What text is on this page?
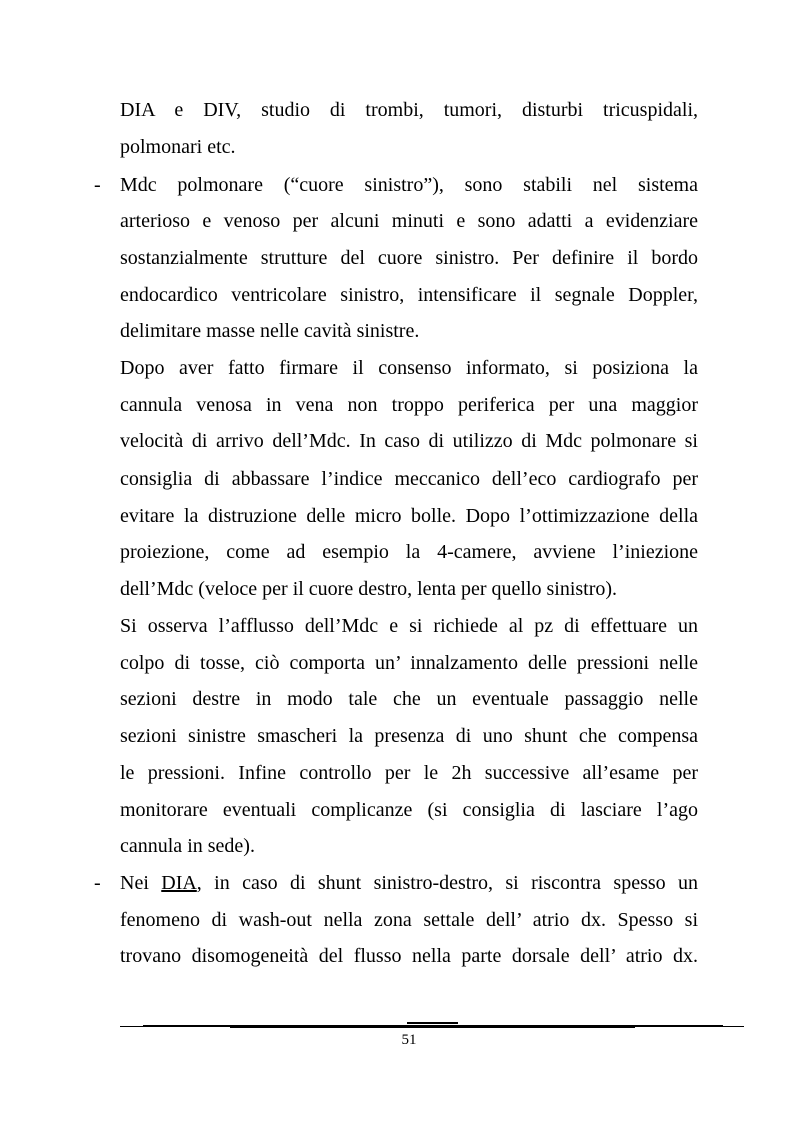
DIA e DIV, studio di trombi, tumori, disturbi tricuspidali,

polmonari etc.

- Mdc polmonare (“cuore sinistro”), sono stabili nel sistema

arterioso e venoso per alcuni minuti e sono adatti a evidenziare

sostanzialmente strutture del cuore sinistro. Per definire il bordo

endocardico ventricolare sinistro, intensificare il segnale Doppler,

delimitare masse nelle cavità sinistre.

Dopo aver fatto firmare il consenso informato, si posiziona la

cannula venosa in vena non troppo periferica per una maggior

velocità di arrivo dell’Mdc. In caso di utilizzo di Mdc polmonare si

consiglia di abbassare l’indice meccanico dell’eco cardiografo per

evitare la distruzione delle micro bolle. Dopo l’ottimizzazione della

proiezione, come ad esempio la 4-camere, avviene l’iniezione

dell’Mdc (veloce per il cuore destro, lenta per quello sinistro).

Si osserva l’afflusso dell’Mdc e si richiede al pz di effettuare un

colpo di tosse, ciò comporta un’ innalzamento delle pressioni nelle

sezioni destre in modo tale che un eventuale passaggio nelle

sezioni sinistre smascheri la presenza di uno shunt che compensa

le pressioni. Infine controllo per le 2h successive all’esame per

monitorare eventuali complicanze (si consiglia di lasciare l’ago

cannula in sede).

- Nei DIA, in caso di shunt sinistro-destro, si riscontra spesso un

fenomeno di wash-out nella zona settale dell’ atrio dx. Spesso si

trovano disomogeneità del flusso nella parte dorsale dell’ atrio dx.

51
